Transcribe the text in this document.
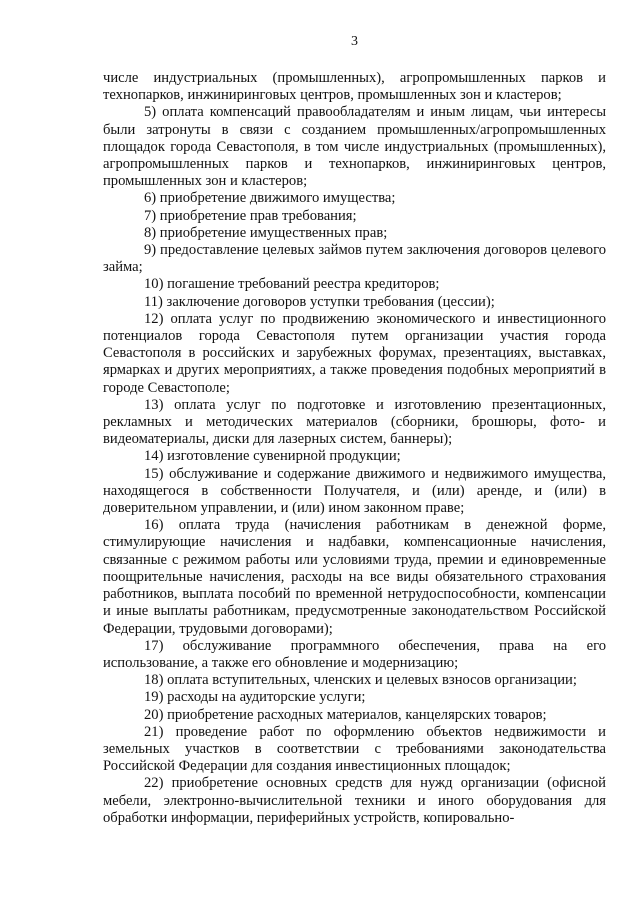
3

числе индустриальных (промышленных), агропромышленных парков и технопарков, инжиниринговых центров, промышленных зон и кластеров;

5) оплата компенсаций правообладателям и иным лицам, чьи интересы были затронуты в связи с созданием промышленных/агропромышленных площадок города Севастополя, в том числе индустриальных (промышленных), агропромышленных парков и технопарков, инжиниринговых центров, промышленных зон и кластеров;

6) приобретение движимого имущества;

7) приобретение прав требования;

8) приобретение имущественных прав;

9) предоставление целевых займов путем заключения договоров целевого займа;

10) погашение требований реестра кредиторов;

11) заключение договоров уступки требования (цессии);

12) оплата услуг по продвижению экономического и инвестиционного потенциалов города Севастополя путем организации участия города Севастополя в российских и зарубежных форумах, презентациях, выставках, ярмарках и других мероприятиях, а также проведения подобных мероприятий в городе Севастополе;

13) оплата услуг по подготовке и изготовлению презентационных, рекламных и методических материалов (сборники, брошюры, фото- и видеоматериалы, диски для лазерных систем, баннеры);

14) изготовление сувенирной продукции;

15) обслуживание и содержание движимого и недвижимого имущества, находящегося в собственности Получателя, и (или) аренде, и (или) в доверительном управлении, и (или) ином законном праве;

16) оплата труда (начисления работникам в денежной форме, стимулирующие начисления и надбавки, компенсационные начисления, связанные с режимом работы или условиями труда, премии и единовременные поощрительные начисления, расходы на все виды обязательного страхования работников, выплата пособий по временной нетрудоспособности, компенсации и иные выплаты работникам, предусмотренные законодательством Российской Федерации, трудовыми договорами);

17) обслуживание программного обеспечения, права на его использование, а также его обновление и модернизацию;

18) оплата вступительных, членских и целевых взносов организации;

19) расходы на аудиторские услуги;

20) приобретение расходных материалов, канцелярских товаров;

21) проведение работ по оформлению объектов недвижимости и земельных участков в соответствии с требованиями законодательства Российской Федерации для создания инвестиционных площадок;

22) приобретение основных средств для нужд организации (офисной мебели, электронно-вычислительной техники и иного оборудования для обработки информации, периферийных устройств, копировально-
